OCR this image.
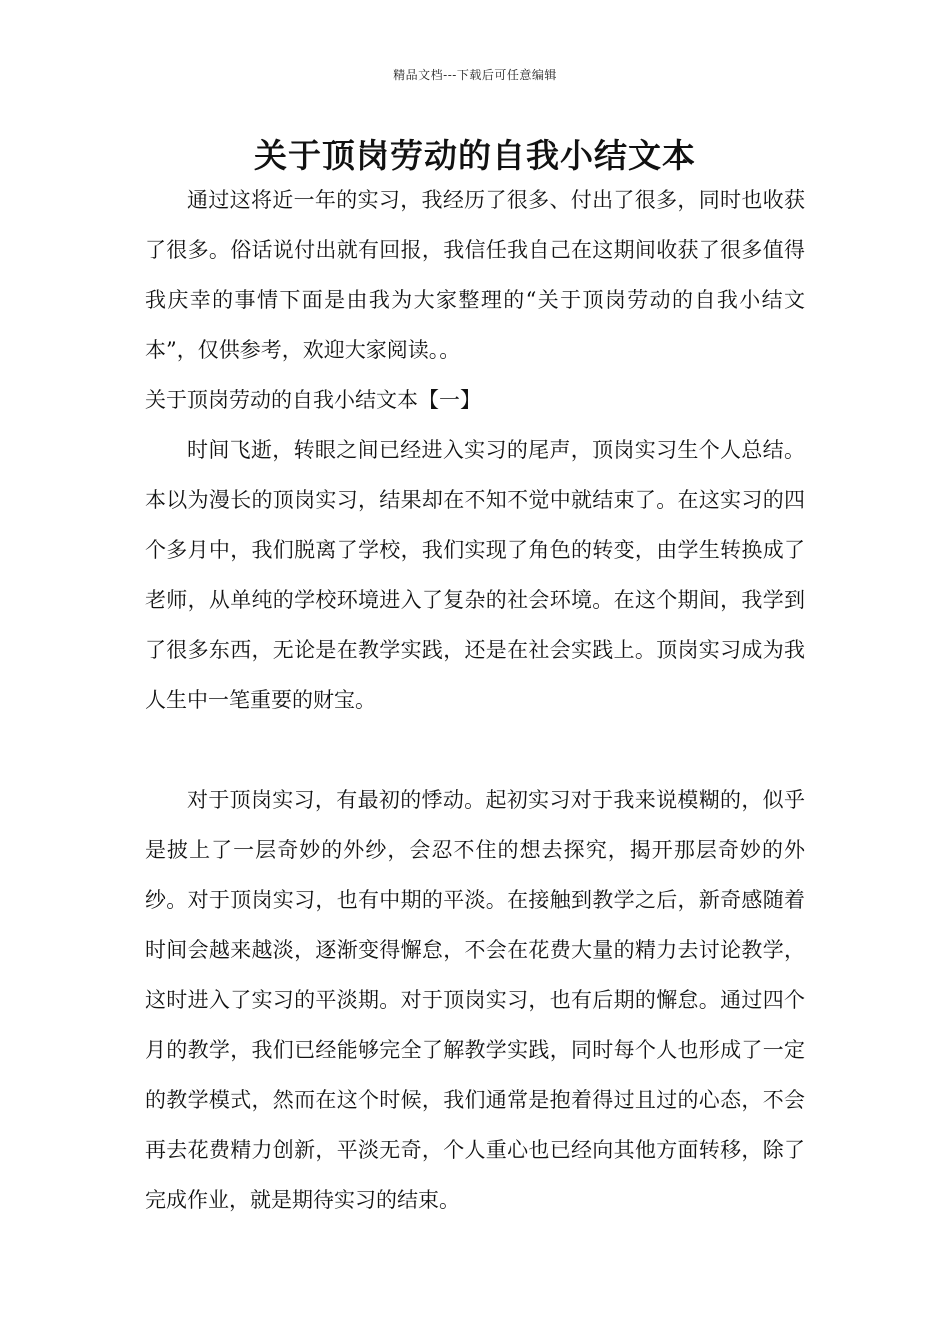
精品文档---下载后可任意编辑
关于顶岗劳动的自我小结文本

通过这将近一年的实习，我经历了很多、付出了很多，同时也收获了很多。俗话说付出就有回报，我信任我自己在这期间收获了很多值得我庆幸的事情下面是由我为大家整理的“关于顶岗劳动的自我小结文本”，仅供参考，欢迎大家阅读。。

关于顶岗劳动的自我小结文本【一】

时间飞逝，转眼之间已经进入实习的尾声，顶岗实习生个人总结。本以为漫长的顶岗实习，结果却在不知不觉中就结束了。在这实习的四个多月中，我们脱离了学校，我们实现了角色的转变，由学生转换成了老师，从单纯的学校环境进入了复杂的社会环境。在这个期间，我学到了很多东西，无论是在教学实践，还是在社会实践上。顶岗实习成为我人生中一笔重要的财宝。

对于顶岗实习，有最初的悸动。起初实习对于我来说模糊的，似乎是披上了一层奇妙的外纱，会忍不住的想去探究，揭开那层奇妙的外纱。对于顶岗实习，也有中期的平淡。在接触到教学之后，新奇感随着时间会越来越淡，逐渐变得懈怠，不会在花费大量的精力去讨论教学，这时进入了实习的平淡期。对于顶岗实习，也有后期的懈怠。通过四个月的教学，我们已经能够完全了解教学实践，同时每个人也形成了一定的教学模式，然而在这个时候，我们通常是抱着得过且过的心态，不会再去花费精力创新，平淡无奇，个人重心也已经向其他方面转移，除了完成作业，就是期待实习的结束。
